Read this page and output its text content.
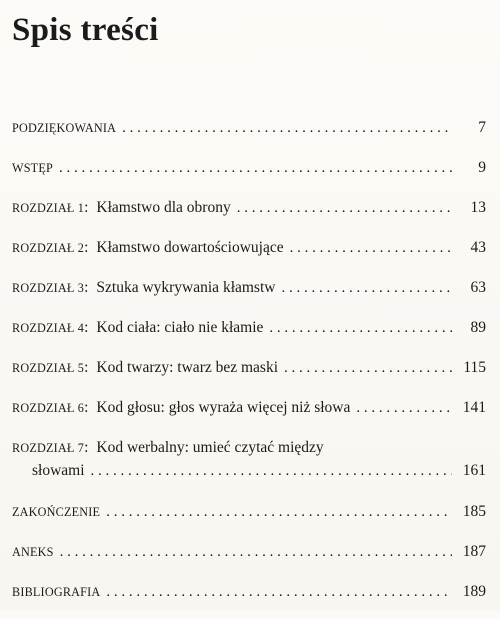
Spis treści
PODZIĘKOWANIA . . .	7
WSTĘP . . .	9
ROZDZIAŁ 1 : Kłamstwo dla obrony . . .	13
ROZDZIAŁ 2 : Kłamstwo dowartościowujące . . .	43
ROZDZIAŁ 3 : Sztuka wykrywania kłamstw . . .	63
ROZDZIAŁ 4 : Kod ciała: ciało nie kłamie . . .	89
ROZDZIAŁ 5 : Kod twarzy: twarz bez maski . . .	115
ROZDZIAŁ 6 : Kod głosu: głos wyraża więcej niż słowa . . .	141
ROZDZIAŁ 7 : Kod werbalny: umieć czytać między
słowami . . .	161
ZAKOŃCZENIE . . .	185
ANEKS . . .	187
BIBLIOGRAFIA . . .	189
